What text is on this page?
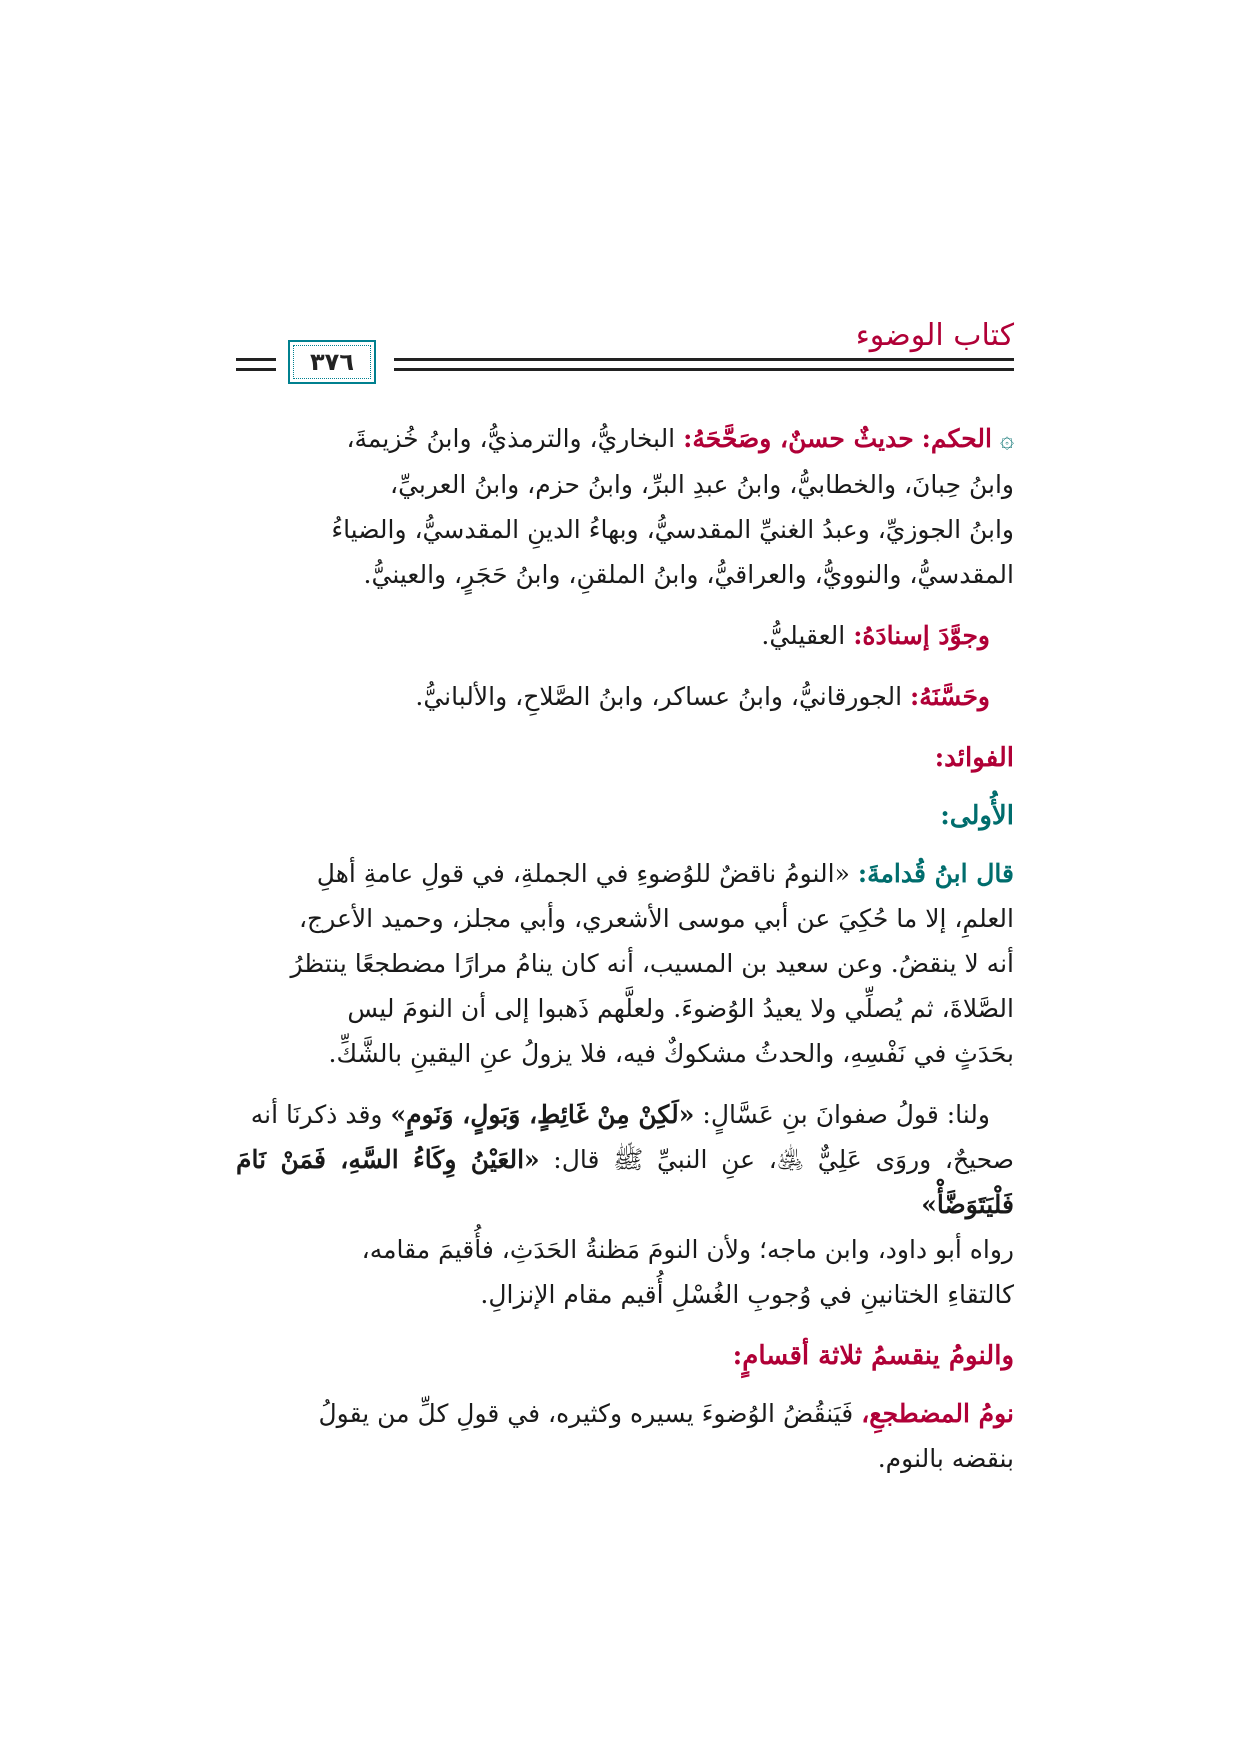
كتاب الوضوء
٣٧٦

۞ الحكم: حديثٌ حسنٌ، وصَحَّحَهُ: البخاريُّ، والترمذيُّ، وابنُ خُزيمةَ،

وابنُ حِبانَ، والخطابيُّ، وابنُ عبدِ البرِّ، وابنُ حزم، وابنُ العربيِّ،

وابنُ الجوزيِّ، وعبدُ الغنيِّ المقدسيُّ، وبهاءُ الدينِ المقدسيُّ، والضياءُ

المقدسيُّ، والنوويُّ، والعراقيُّ، وابنُ الملقنِ، وابنُ حَجَرٍ، والعينيُّ.

وجوَّدَ إسنادَهُ: العقيليُّ.

وحَسَّنَهُ: الجورقانيُّ، وابنُ عساكر، وابنُ الصَّلاحِ، والألبانيُّ.

الفوائد:
الأُولى:

قال ابنُ قُدامةَ: «النومُ ناقضٌ للوُضوءِ في الجملةِ، في قولِ عامةِ أهلِ

العلمِ، إلا ما حُكِيَ عن أبي موسى الأشعري، وأبي مجلز، وحميد الأعرج،

أنه لا ينقضُ. وعن سعيد بن المسيب، أنه كان ينامُ مرارًا مضطجعًا ينتظرُ

الصَّلاةَ، ثم يُصلِّي ولا يعيدُ الوُضوءَ. ولعلَّهم ذَهبوا إلى أن النومَ ليس

بحَدَثٍ في نَفْسِهِ، والحدثُ مشكوكٌ فيه، فلا يزولُ عنِ اليقينِ بالشَّكِّ.

ولنا: قولُ صفوانَ بنِ عَسَّالٍ: «لَكِنْ مِنْ غَائِطٍ، وَبَولٍ، وَنَومٍ» وقد ذكرنَا أنه

صحيحٌ، وروَى عَلِيٌّ ﵁، عنِ النبيِّ ﷺ قال: «العَيْنُ وِكَاءُ السَّهِ، فَمَنْ نَامَ فَلْيَتَوَضَّأْ»

رواه أبو داود، وابن ماجه؛ ولأن النومَ مَظنةُ الحَدَثِ، فأُقيمَ مقامه،

كالتقاءِ الختانينِ في وُجوبِ الغُسْلِ أُقيم مقام الإنزالِ.

والنومُ ينقسمُ ثلاثة أقسامٍ:

نومُ المضطجعِ، فَيَنقُضُ الوُضوءَ يسيره وكثيره، في قولِ كلِّ من يقولُ

بنقضه بالنوم.
